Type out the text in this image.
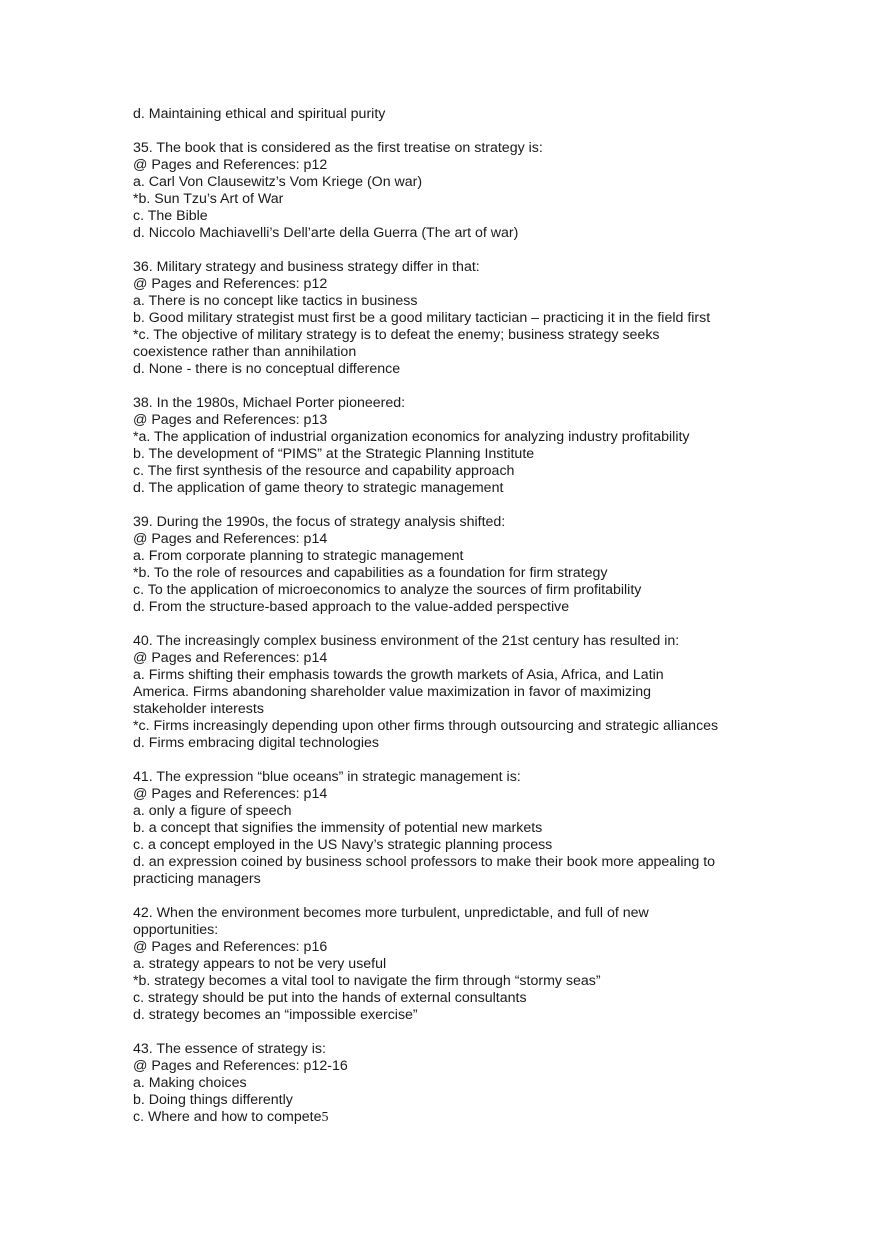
d. Maintaining ethical and spiritual purity
35. The book that is considered as the first treatise on strategy is:
@ Pages and References: p12
a. Carl Von Clausewitz’s Vom Kriege (On war)
*b. Sun Tzu’s Art of War
c. The Bible
d. Niccolo Machiavelli’s Dell’arte della Guerra (The art of war)
36. Military strategy and business strategy differ in that:
@ Pages and References: p12
a. There is no concept like tactics in business
b. Good military strategist must first be a good military tactician – practicing it in the field first
*c. The objective of military strategy is to defeat the enemy; business strategy seeks
coexistence rather than annihilation
d. None - there is no conceptual difference
38. In the 1980s, Michael Porter pioneered:
@ Pages and References: p13
*a. The application of industrial organization economics for analyzing industry profitability
b. The development of “PIMS” at the Strategic Planning Institute
c. The first synthesis of the resource and capability approach
d. The application of game theory to strategic management
39. During the 1990s, the focus of strategy analysis shifted:
@ Pages and References: p14
a. From corporate planning to strategic management
*b. To the role of resources and capabilities as a foundation for firm strategy
c. To the application of microeconomics to analyze the sources of firm profitability
d. From the structure-based approach to the value-added perspective
40. The increasingly complex business environment of the 21st century has resulted in:
@ Pages and References: p14
a. Firms shifting their emphasis towards the growth markets of Asia, Africa, and Latin
America. Firms abandoning shareholder value maximization in favor of maximizing
stakeholder interests
*c. Firms increasingly depending upon other firms through outsourcing and strategic alliances
d. Firms embracing digital technologies
41. The expression “blue oceans” in strategic management is:
@ Pages and References: p14
a. only a figure of speech
b. a concept that signifies the immensity of potential new markets
c. a concept employed in the US Navy’s strategic planning process
d. an expression coined by business school professors to make their book more appealing to
practicing managers
42. When the environment becomes more turbulent, unpredictable, and full of new
opportunities:
@ Pages and References: p16
a. strategy appears to not be very useful
*b. strategy becomes a vital tool to navigate the firm through “stormy seas”
c. strategy should be put into the hands of external consultants
d. strategy becomes an “impossible exercise”
43. The essence of strategy is:
@ Pages and References: p12-16
a. Making choices
b. Doing things differently
c. Where and how to compete5
